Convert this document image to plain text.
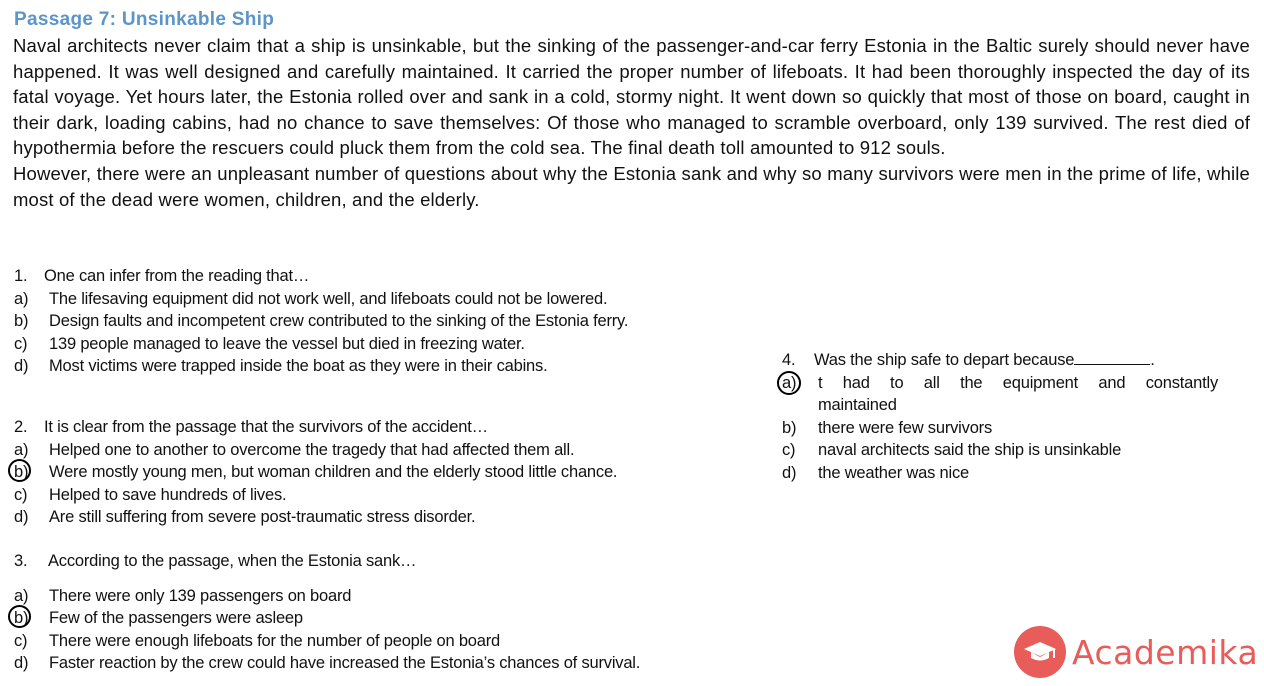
Passage 7: Unsinkable Ship

Naval architects never claim that a ship is unsinkable, but the sinking of the passenger-and-car ferry Estonia in the Baltic surely should never have happened. It was well designed and carefully maintained. It carried the proper number of lifeboats. It had been thoroughly inspected the day of its fatal voyage. Yet hours later, the Estonia rolled over and sank in a cold, stormy night. It went down so quickly that most of those on board, caught in their dark, loading cabins, had no chance to save themselves: Of those who managed to scramble overboard, only 139 survived. The rest died of hypothermia before the rescuers could pluck them from the cold sea. The final death toll amounted to 912 souls.

However, there were an unpleasant number of questions about why the Estonia sank and why so many survivors were men in the prime of life, while most of the dead were women, children, and the elderly.

1. One can infer from the reading that…
a) The lifesaving equipment did not work well, and lifeboats could not be lowered.
b) Design faults and incompetent crew contributed to the sinking of the Estonia ferry.
c) 139 people managed to leave the vessel but died in freezing water.
d) Most victims were trapped inside the boat as they were in their cabins.
2. It is clear from the passage that the survivors of the accident…
a) Helped one to another to overcome the tragedy that had affected them all.
b) Were mostly young men, but woman children and the elderly stood little chance.
c) Helped to save hundreds of lives.
d) Are still suffering from severe post-traumatic stress disorder.
3. According to the passage, when the Estonia sank…
a) There were only 139 passengers on board
b) Few of the passengers were asleep
c) There were enough lifeboats for the number of people on board
d) Faster reaction by the crew could have increased the Estonia’s chances of survival.
4. Was the ship safe to depart because	.
a)	t had to all the equipment and constantly
maintained
b) there were few survivors
c) naval architects said the ship is unsinkable
d) the weather was nice
Academika
